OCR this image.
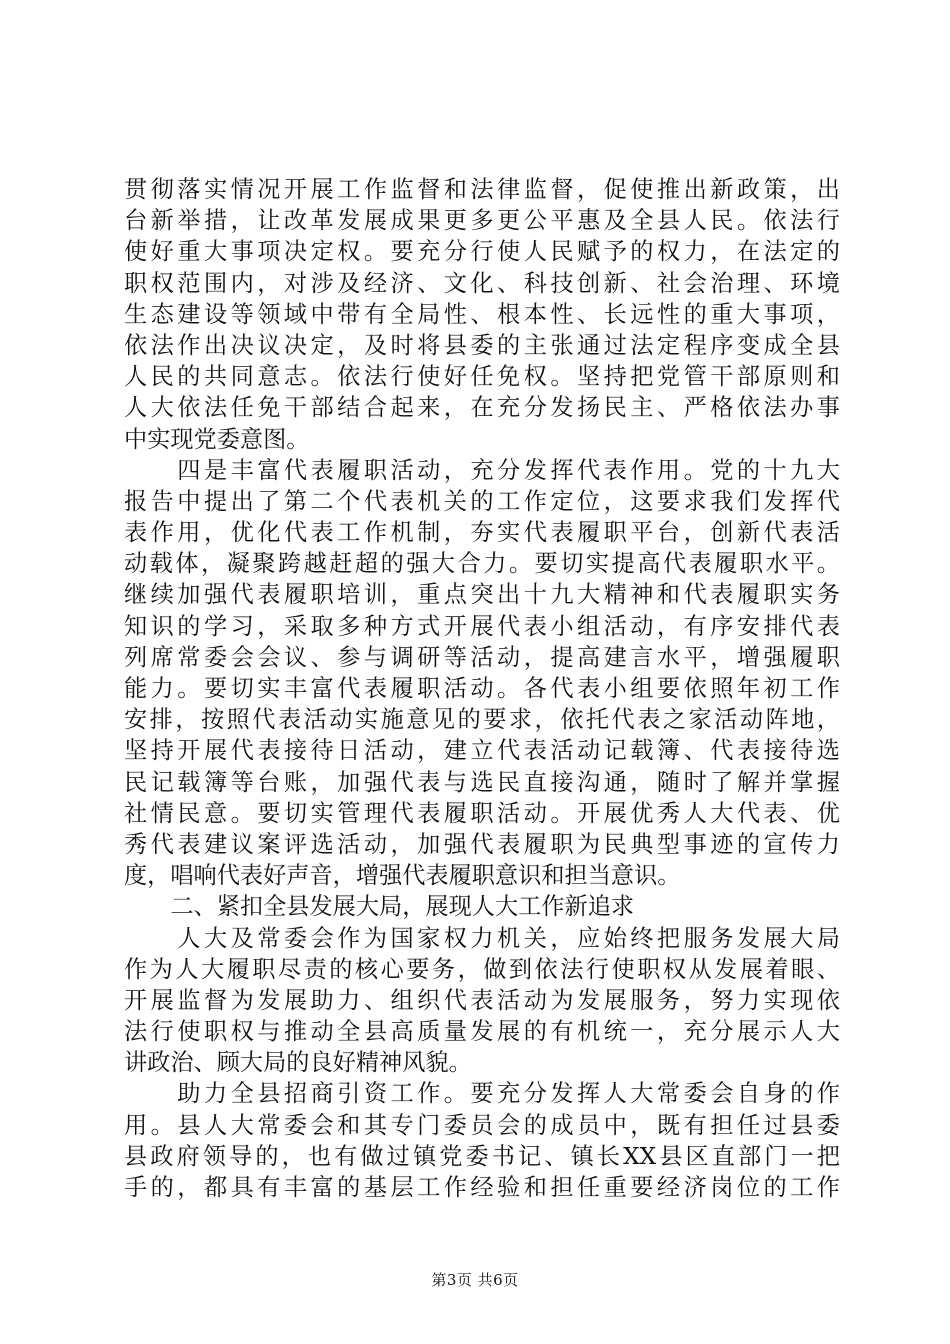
贯彻落实情况开展工作监督和法律监督，促使推出新政策，出
台新举措，让改革发展成果更多更公平惠及全县人民。依法行
使好重大事项决定权。要充分行使人民赋予的权力，在法定的
职权范围内，对涉及经济、文化、科技创新、社会治理、环境
生态建设等领域中带有全局性、根本性、长远性的重大事项，
依法作出决议决定，及时将县委的主张通过法定程序变成全县
人民的共同意志。依法行使好任免权。坚持把党管干部原则和
人大依法任免干部结合起来，在充分发扬民主、严格依法办事
中实现党委意图。
　　四是丰富代表履职活动，充分发挥代表作用。党的十九大
报告中提出了第二个代表机关的工作定位，这要求我们发挥代
表作用，优化代表工作机制，夯实代表履职平台，创新代表活
动载体，凝聚跨越赶超的强大合力。要切实提高代表履职水平。
继续加强代表履职培训，重点突出十九大精神和代表履职实务
知识的学习，采取多种方式开展代表小组活动，有序安排代表
列席常委会会议、参与调研等活动，提高建言水平，增强履职
能力。要切实丰富代表履职活动。各代表小组要依照年初工作
安排，按照代表活动实施意见的要求，依托代表之家活动阵地，
坚持开展代表接待日活动，建立代表活动记载簿、代表接待选
民记载簿等台账，加强代表与选民直接沟通，随时了解并掌握
社情民意。要切实管理代表履职活动。开展优秀人大代表、优
秀代表建议案评选活动，加强代表履职为民典型事迹的宣传力
度，唱响代表好声音，增强代表履职意识和担当意识。
　　二、紧扣全县发展大局，展现人大工作新追求
　　人大及常委会作为国家权力机关，应始终把服务发展大局
作为人大履职尽责的核心要务，做到依法行使职权从发展着眼、
开展监督为发展助力、组织代表活动为发展服务，努力实现依
法行使职权与推动全县高质量发展的有机统一，充分展示人大
讲政治、顾大局的良好精神风貌。
　　助力全县招商引资工作。要充分发挥人大常委会自身的作
用。县人大常委会和其专门委员会的成员中，既有担任过县委
县政府领导的，也有做过镇党委书记、镇长XX县区直部门一把
手的，都具有丰富的基层工作经验和担任重要经济岗位的工作
第3页 共6页
